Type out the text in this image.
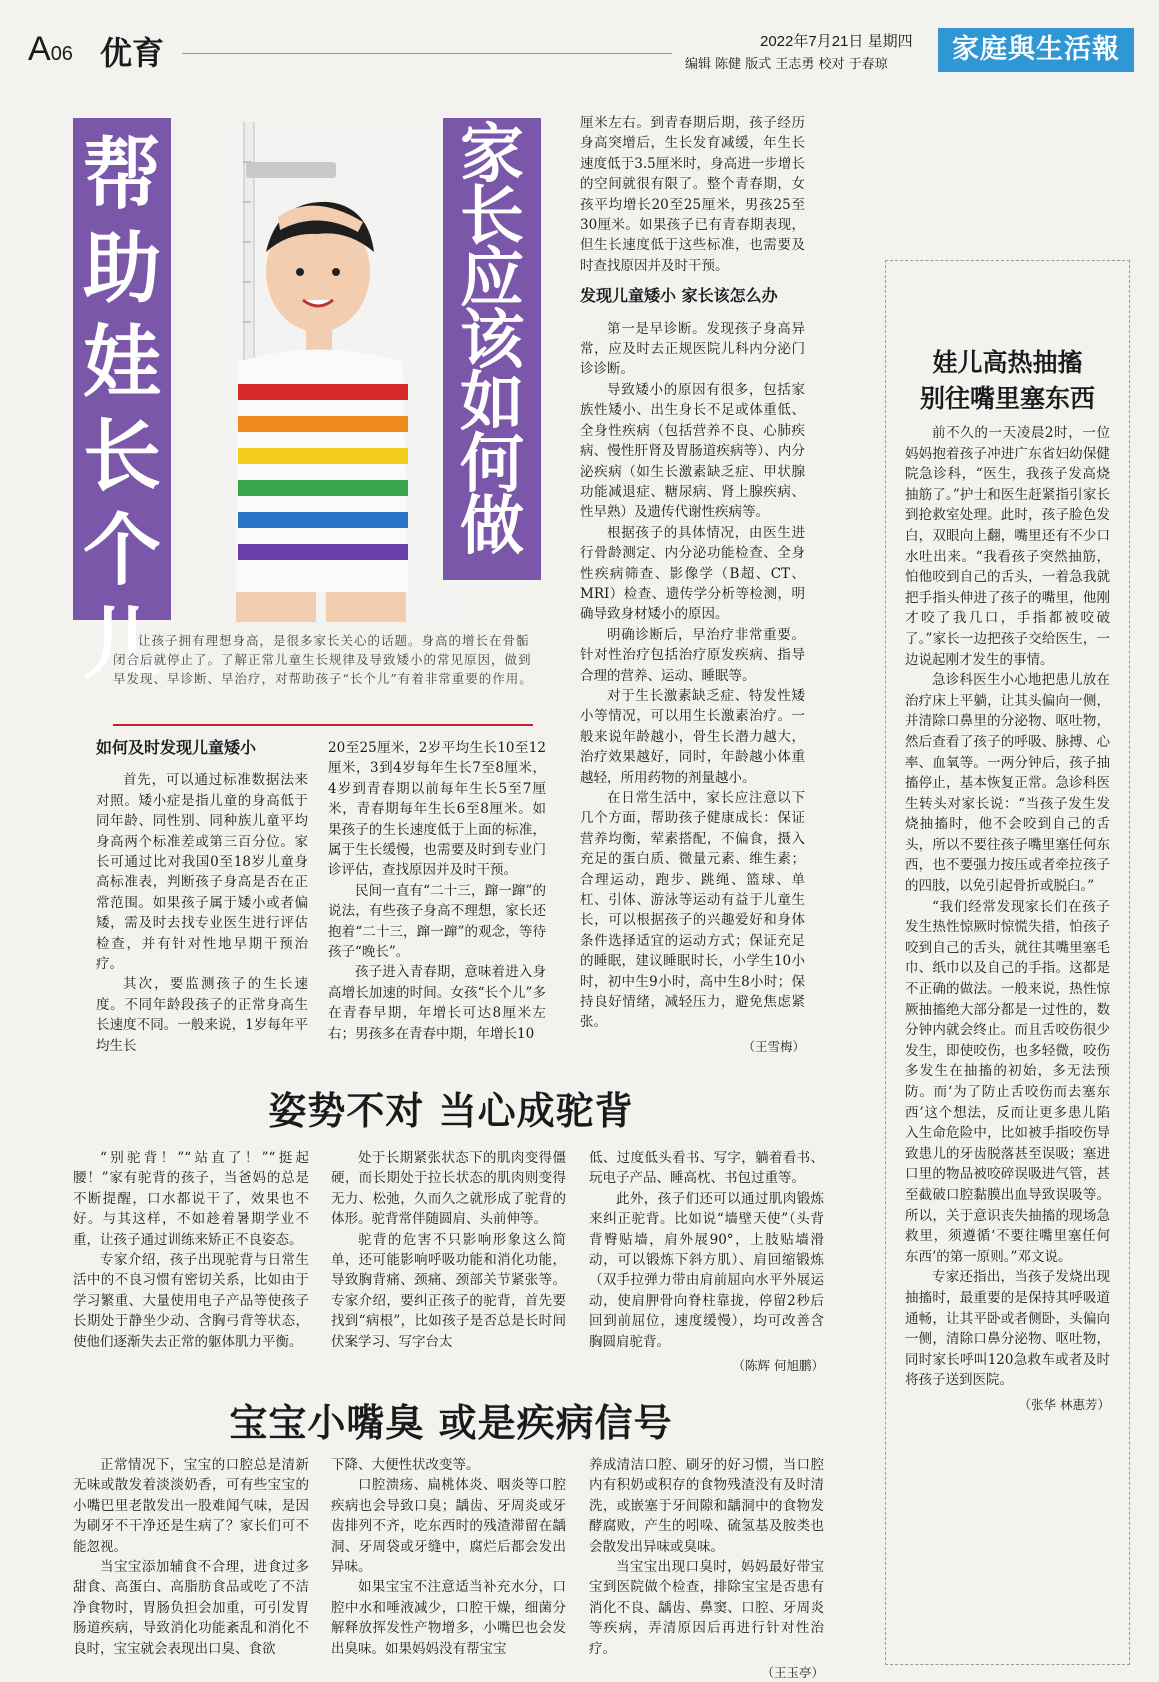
A06 优育	2022年7月21日 星期四
编辑 陈健 版式 王志勇 校对 于春琼	家庭與生活報
帮
助
娃
长
个
儿
家
长
应
该
如
何
做
让孩子拥有理想身高，是很多家长关心的话题。身高的增长在骨骺闭合后就停止了。了解正常儿童生长规律及导致矮小的常见原因，做到早发现、早诊断、早治疗，对帮助孩子“长个儿”有着非常重要的作用。

如何及时发现儿童矮小

首先，可以通过标准数据法来对照。矮小症是指儿童的身高低于同年龄、同性别、同种族儿童平均身高两个标准差或第三百分位。家长可通过比对我国0至18岁儿童身高标准表，判断孩子身高是否在正常范围。如果孩子属于矮小或者偏矮，需及时去找专业医生进行评估检查，并有针对性地早期干预治疗。

其次，要监测孩子的生长速度。不同年龄段孩子的正常身高生长速度不同。一般来说，1岁每年平均生长

20至25厘米，2岁平均生长10至12厘米，3到4岁每年生长7至8厘米，4岁到青春期以前每年生长5至7厘米，青春期每年生长6至8厘米。如果孩子的生长速度低于上面的标准，属于生长缓慢，也需要及时到专业门诊评估，查找原因并及时干预。

民间一直有“二十三，蹿一蹿”的说法，有些孩子身高不理想，家长还抱着“二十三，蹿一蹿”的观念，等待孩子“晚长”。

孩子进入青春期，意味着进入身高增长加速的时间。女孩“长个儿”多在青春早期，年增长可达8厘米左右；男孩多在青春中期，年增长10

厘米左右。到青春期后期，孩子经历身高突增后，生长发育减缓，年生长速度低于3.5厘米时，身高进一步增长的空间就很有限了。整个青春期，女孩平均增长20至25厘米，男孩25至30厘米。如果孩子已有青春期表现，但生长速度低于这些标准，也需要及时查找原因并及时干预。

发现儿童矮小 家长该怎么办

第一是早诊断。发现孩子身高异常，应及时去正规医院儿科内分泌门诊诊断。

导致矮小的原因有很多，包括家族性矮小、出生身长不足或体重低、全身性疾病（包括营养不良、心肺疾病、慢性肝肾及胃肠道疾病等）、内分泌疾病（如生长激素缺乏症、甲状腺功能减退症、糖尿病、肾上腺疾病、性早熟）及遗传代谢性疾病等。

根据孩子的具体情况，由医生进行骨龄测定、内分泌功能检查、全身性疾病筛查、影像学（B超、CT、MRI）检查、遗传学分析等检测，明确导致身材矮小的原因。

明确诊断后，早治疗非常重要。针对性治疗包括治疗原发疾病、指导合理的营养、运动、睡眠等。

对于生长激素缺乏症、特发性矮小等情况，可以用生长激素治疗。一般来说年龄越小，骨生长潜力越大，治疗效果越好，同时，年龄越小体重越轻，所用药物的剂量越小。

在日常生活中，家长应注意以下几个方面，帮助孩子健康成长：保证营养均衡，荤素搭配，不偏食，摄入充足的蛋白质、微量元素、维生素；合理运动，跑步、跳绳、篮球、单杠、引体、游泳等运动有益于儿童生长，可以根据孩子的兴趣爱好和身体条件选择适宜的运动方式；保证充足的睡眠，建议睡眠时长，小学生10小时，初中生9小时，高中生8小时；保持良好情绪，减轻压力，避免焦虑紧张。

（王雪梅）

姿势不对 当心成驼背

“别驼背！”“站直了！”“挺起腰！”家有驼背的孩子，当爸妈的总是不断提醒，口水都说干了，效果也不好。与其这样，不如趁着暑期学业不重，让孩子通过训练来矫正不良姿态。

专家介绍，孩子出现驼背与日常生活中的不良习惯有密切关系，比如由于学习繁重、大量使用电子产品等使孩子长期处于静坐少动、含胸弓背等状态，使他们逐渐失去正常的躯体肌力平衡。

处于长期紧张状态下的肌肉变得僵硬，而长期处于拉长状态的肌肉则变得无力、松弛，久而久之就形成了驼背的体形。驼背常伴随圆肩、头前伸等。

驼背的危害不只影响形象这么简单，还可能影响呼吸功能和消化功能，导致胸背痛、颈痛、颈部关节紧张等。专家介绍，要纠正孩子的驼背，首先要找到“病根”，比如孩子是否总是长时间伏案学习、写字台太

低、过度低头看书、写字，躺着看书、玩电子产品、睡高枕、书包过重等。

此外，孩子们还可以通过肌肉锻炼来纠正驼背。比如说“墙壁天使”（头背背臀贴墙，肩外展90°，上肢贴墙滑动，可以锻炼下斜方肌）、肩回缩锻炼（双手拉弹力带由肩前屈向水平外展运动，使肩胛骨向脊柱靠拢，停留2秒后回到前屈位，速度缓慢），均可改善含胸圆肩驼背。

（陈辉 何旭鹏）

宝宝小嘴臭 或是疾病信号

正常情况下，宝宝的口腔总是清新无味或散发着淡淡奶香，可有些宝宝的小嘴巴里老散发出一股难闻气味，是因为刷牙不干净还是生病了？家长们可不能忽视。

当宝宝添加辅食不合理，进食过多甜食、高蛋白、高脂肪食品或吃了不洁净食物时，胃肠负担会加重，可引发胃肠道疾病，导致消化功能紊乱和消化不良时，宝宝就会表现出口臭、食欲

下降、大便性状改变等。

口腔溃疡、扁桃体炎、咽炎等口腔疾病也会导致口臭；龋齿、牙周炎或牙齿排列不齐，吃东西时的残渣滞留在龋洞、牙周袋或牙缝中，腐烂后都会发出异味。

如果宝宝不注意适当补充水分，口腔中水和唾液减少，口腔干燥，细菌分解释放挥发性产物增多，小嘴巴也会发出臭味。如果妈妈没有帮宝宝

养成清洁口腔、刷牙的好习惯，当口腔内有积奶或积存的食物残渣没有及时清洗，或嵌塞于牙间隙和龋洞中的食物发酵腐败，产生的吲哚、硫氢基及胺类也会散发出异味或臭味。

当宝宝出现口臭时，妈妈最好带宝宝到医院做个检查，排除宝宝是否患有消化不良、龋齿、鼻窦、口腔、牙周炎等疾病，弄清原因后再进行针对性治疗。

（王玉亭）

娃儿高热抽搐
别往嘴里塞东西

前不久的一天凌晨2时，一位妈妈抱着孩子冲进广东省妇幼保健院急诊科，“医生，我孩子发高烧抽筋了。”护士和医生赶紧指引家长到抢救室处理。此时，孩子脸色发白，双眼向上翻，嘴里还有不少口水吐出来。“我看孩子突然抽筋，怕他咬到自己的舌头，一着急我就把手指头伸进了孩子的嘴里，他刚才咬了我几口，手指都被咬破了。”家长一边把孩子交给医生，一边说起刚才发生的事情。

急诊科医生小心地把患儿放在治疗床上平躺，让其头偏向一侧，并清除口鼻里的分泌物、呕吐物，然后查看了孩子的呼吸、脉搏、心率、血氧等。一两分钟后，孩子抽搐停止，基本恢复正常。急诊科医生转头对家长说：“当孩子发生发烧抽搐时，他不会咬到自己的舌头，所以不要往孩子嘴里塞任何东西，也不要强力按压或者牵拉孩子的四肢，以免引起骨折或脱臼。”

“我们经常发现家长们在孩子发生热性惊厥时惊慌失措，怕孩子咬到自己的舌头，就往其嘴里塞毛巾、纸巾以及自己的手指。这都是不正确的做法。一般来说，热性惊厥抽搐绝大部分都是一过性的，数分钟内就会终止。而且舌咬伤很少发生，即使咬伤，也多轻微，咬伤多发生在抽搐的初始，多无法预防。而‘为了防止舌咬伤而去塞东西’这个想法，反而让更多患儿陷入生命危险中，比如被手指咬伤导致患儿的牙齿脱落甚至误吸；塞进口里的物品被咬碎误吸进气管，甚至截破口腔黏膜出血导致误吸等。所以，关于意识丧失抽搐的现场急救里，须遵循‘不要往嘴里塞任何东西’的第一原则。”邓文说。

专家还指出，当孩子发烧出现抽搐时，最重要的是保持其呼吸道通畅，让其平卧或者侧卧，头偏向一侧，清除口鼻分泌物、呕吐物，同时家长呼叫120急救车或者及时将孩子送到医院。

（张华 林惠芳）
